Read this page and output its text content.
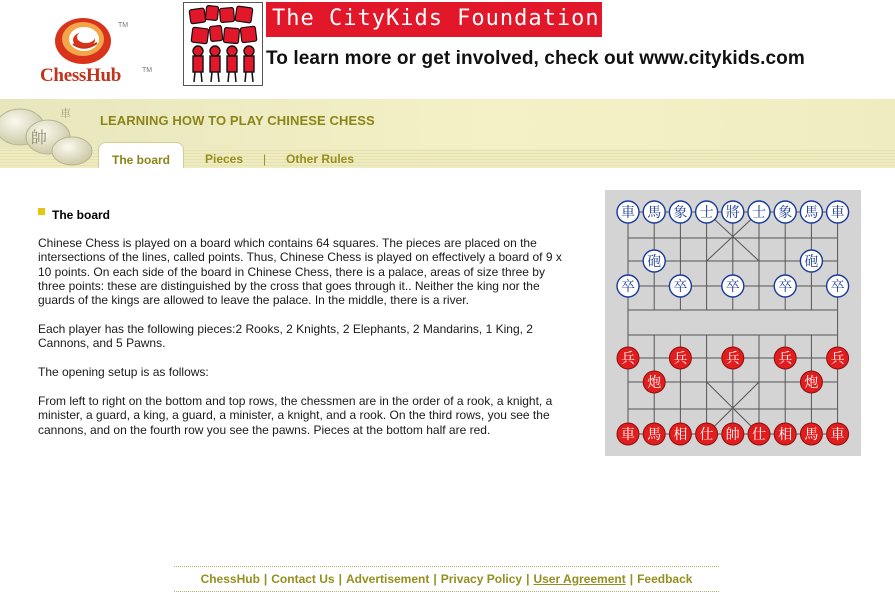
TM
ChessHub	TM
The CityKids Foundation
To learn more or get involved, check out www.citykids.com
帥
車 LEARNING HOW TO PLAY CHINESE CHESS
The board	Pieces | Other Rules
The board

Chinese Chess is played on a board which contains 64 squares. The pieces are placed on the intersections of the lines, called points. Thus, Chinese Chess is played on effectively a board of 9 x 10 points. On each side of the board in Chinese Chess, there is a palace, areas of size three by three points: these are distinguished by the cross that goes through it.. Neither the king nor the guards of the kings are allowed to leave the palace. In the middle, there is a river.

Each player has the following pieces:2 Rooks, 2 Knights, 2 Elephants, 2 Mandarins, 1 King, 2 Cannons, and 5 Pawns.

The opening setup is as follows:

From left to right on the bottom and top rows, the chessmen are in the order of a rook, a knight, a minister, a guard, a king, a guard, a minister, a knight, and a rook. On the third rows, you see the cannons, and on the fourth row you see the pawns. Pieces at the bottom half are red.

車 馬 象 士 將 士 象 馬 車
砲	砲
卒	卒	卒	卒	卒
兵	兵	兵	兵	兵
炮	炮
車 馬 相 仕 帥 仕 相 馬 車
ChessHub | Contact Us | Advertisement | Privacy Policy | User Agreement | Feedback
